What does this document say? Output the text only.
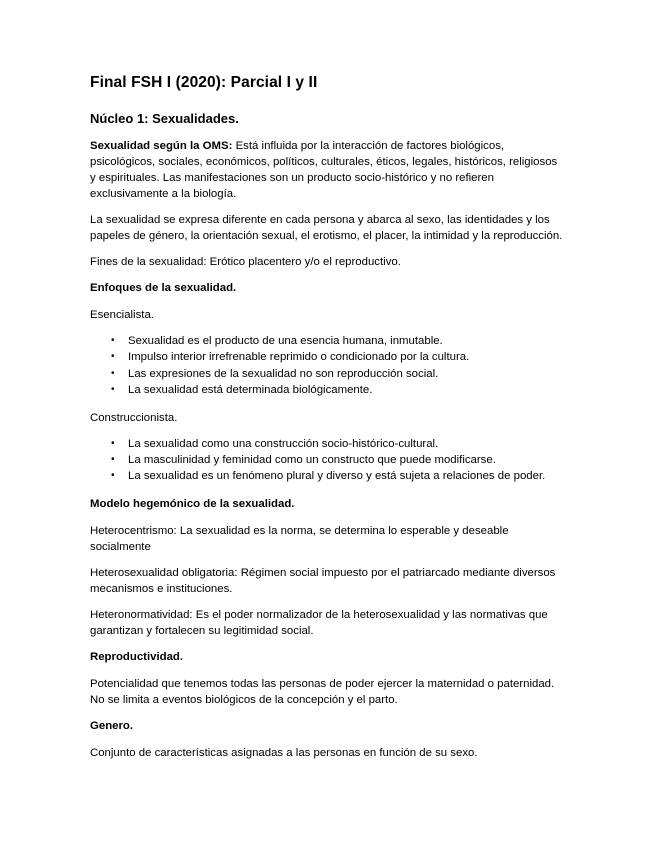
Final FSH I (2020): Parcial I y II
Núcleo 1: Sexualidades.

Sexualidad según la OMS: Está influida por la interacción de factores biológicos, psicológicos, sociales, económicos, políticos, culturales, éticos, legales, históricos, religiosos y espirituales. Las manifestaciones son un producto socio-histórico y no refieren exclusivamente a la biología.

La sexualidad se expresa diferente en cada persona y abarca al sexo, las identidades y los papeles de género, la orientación sexual, el erotismo, el placer, la intimidad y la reproducción.

Fines de la sexualidad: Erótico placentero y/o el reproductivo.

Enfoques de la sexualidad.

Esencialista.

• Sexualidad es el producto de una esencia humana, inmutable.
• Impulso interior irrefrenable reprimido o condicionado por la cultura.
• Las expresiones de la sexualidad no son reproducción social.
• La sexualidad está determinada biológicamente.

Construccionista.

• La sexualidad como una construcción socio-histórico-cultural.
• La masculinidad y feminidad como un constructo que puede modificarse.
• La sexualidad es un fenómeno plural y diverso y está sujeta a relaciones de poder.

Modelo hegemónico de la sexualidad.

Heterocentrismo: La sexualidad es la norma, se determina lo esperable y deseable socialmente

Heterosexualidad obligatoria: Régimen social impuesto por el patriarcado mediante diversos mecanismos e instituciones.

Heteronormatividad: Es el poder normalizador de la heterosexualidad y las normativas que garantizan y fortalecen su legitimidad social.

Reproductividad.

Potencialidad que tenemos todas las personas de poder ejercer la maternidad o paternidad. No se limita a eventos biológicos de la concepción y el parto.

Genero.

Conjunto de características asignadas a las personas en función de su sexo.
